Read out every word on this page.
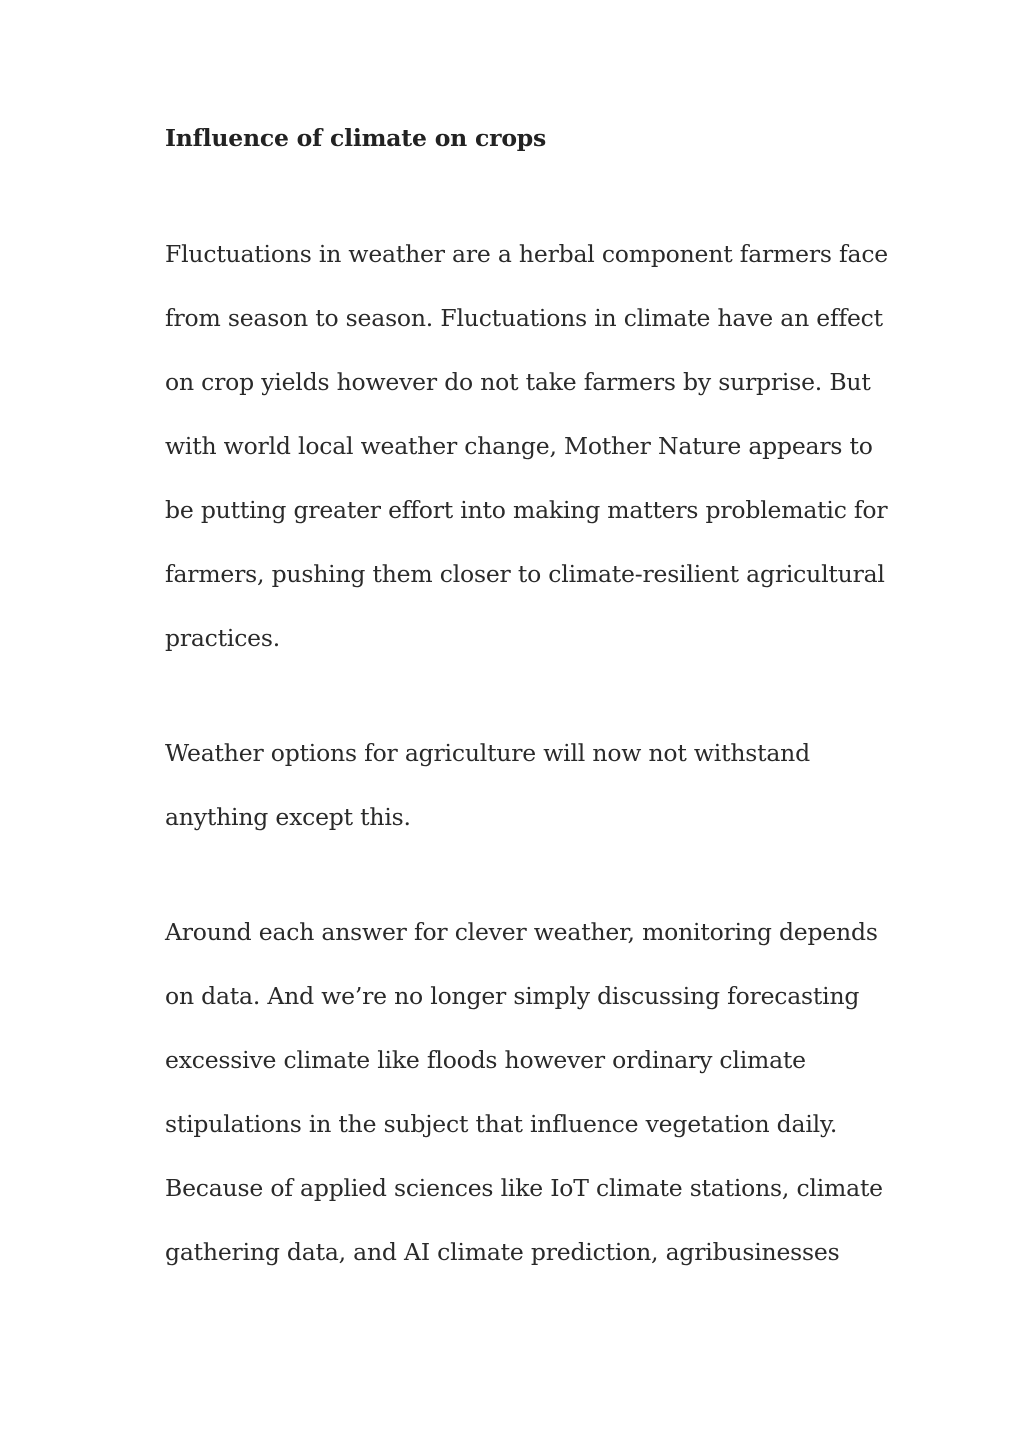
Influence of climate on crops
Fluctuations in weather are a herbal component farmers face
from season to season. Fluctuations in climate have an effect
on crop yields however do not take farmers by surprise. But
with world local weather change, Mother Nature appears to
be putting greater effort into making matters problematic for
farmers, pushing them closer to climate-resilient agricultural
practices.
Weather options for agriculture will now not withstand
anything except this.
Around each answer for clever weather, monitoring depends
on data. And we’re no longer simply discussing forecasting
excessive climate like floods however ordinary climate
stipulations in the subject that influence vegetation daily.
Because of applied sciences like IoT climate stations, climate
gathering data, and AI climate prediction, agribusinesses
